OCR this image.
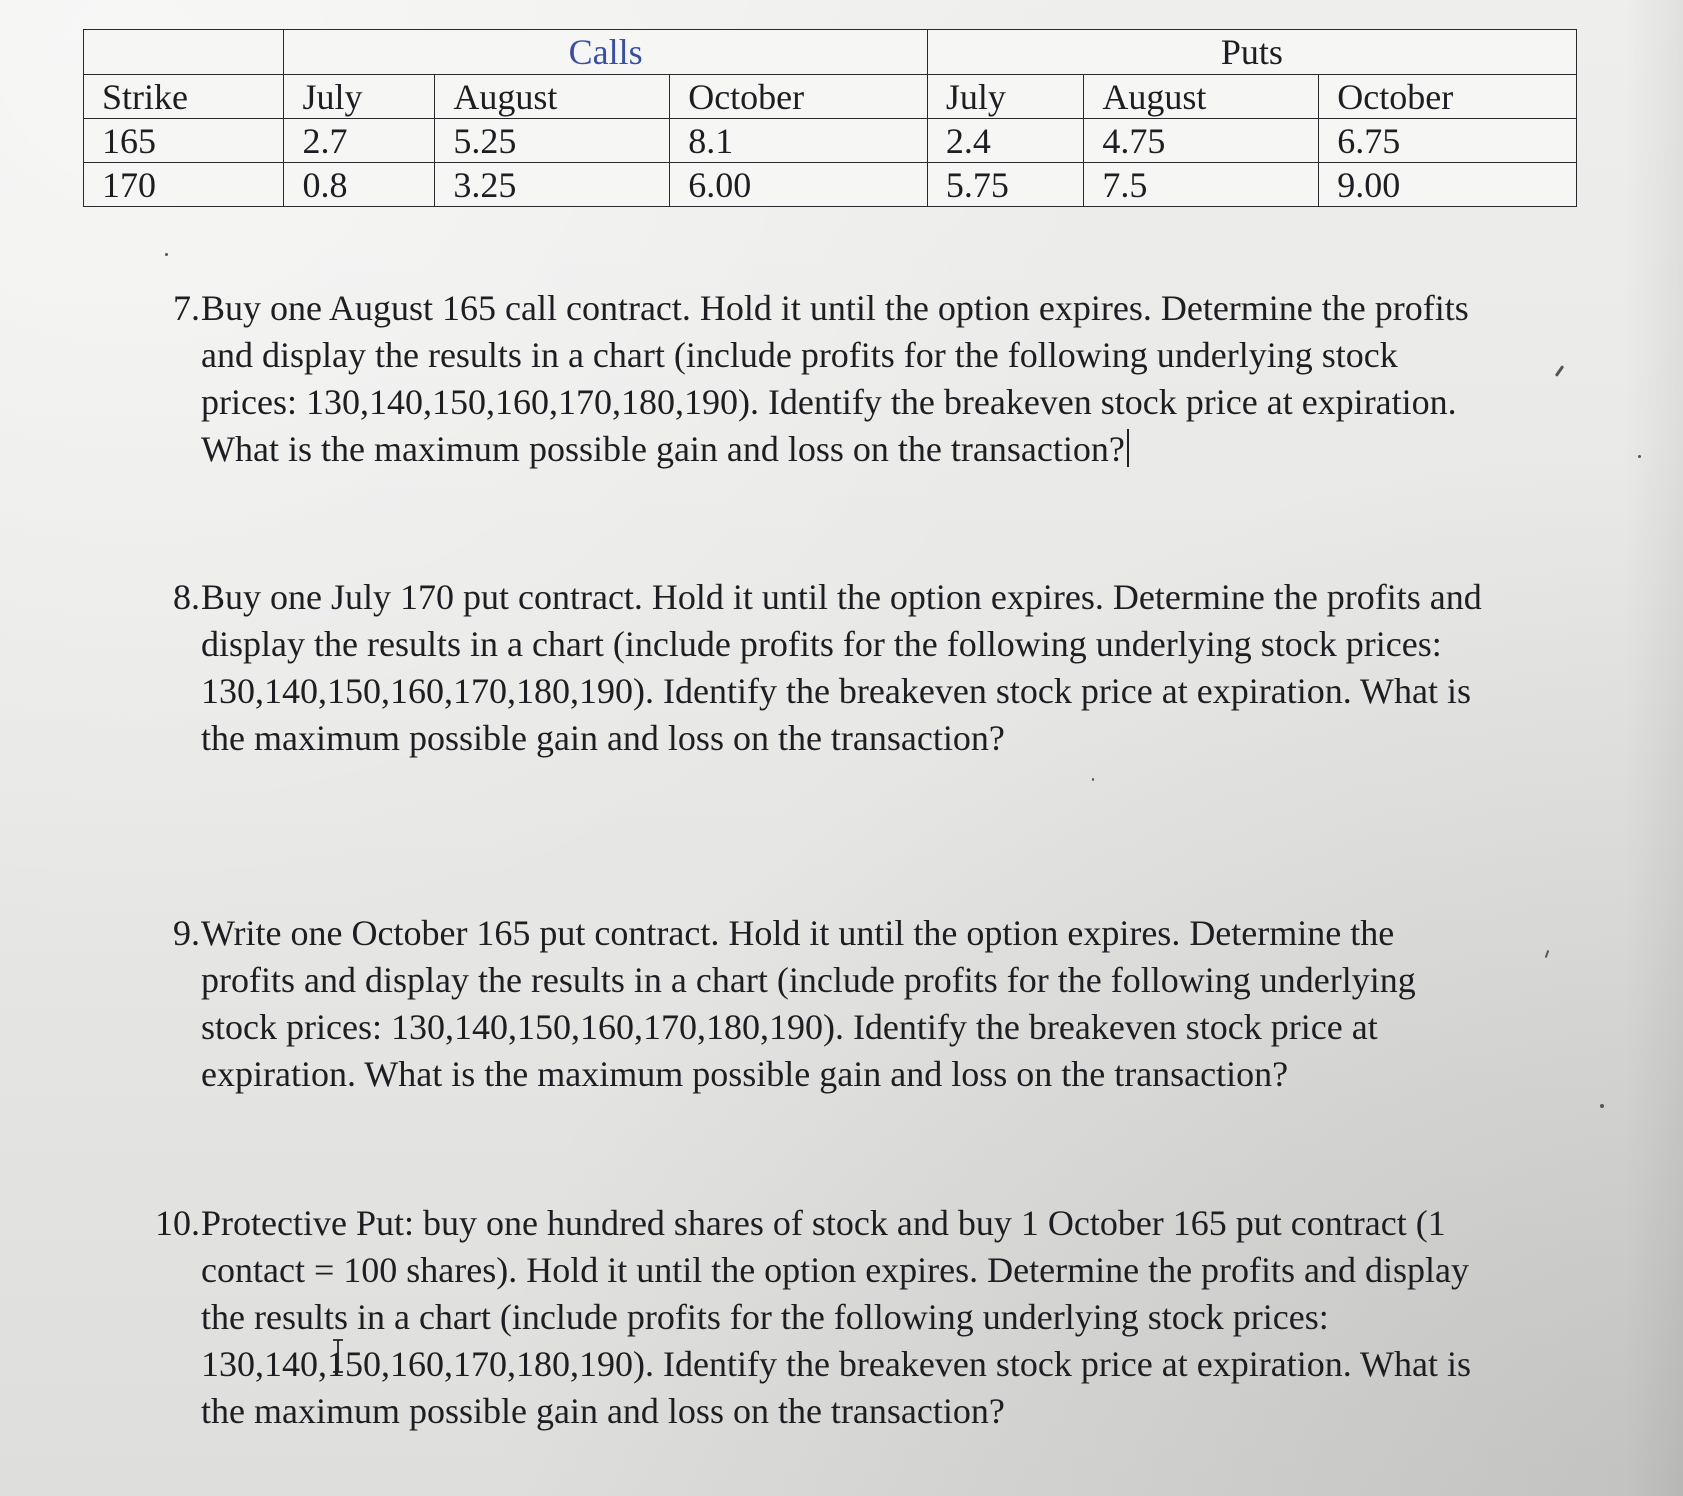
	Calls			Puts		
Strike	July	August	October	July	August	October
165	2.7	5.25	8.1	2.4	4.75	6.75
170	0.8	3.25	6.00	5.75	7.5	9.00
7. Buy one August 165 call contract. Hold it until the option expires. Determine the profits
and display the results in a chart (include profits for the following underlying stock
prices: 130,140,150,160,170,180,190). Identify the breakeven stock price at expiration.
What is the maximum possible gain and loss on the transaction?
8. Buy one July 170 put contract. Hold it until the option expires. Determine the profits and
display the results in a chart (include profits for the following underlying stock prices:
130,140,150,160,170,180,190). Identify the breakeven stock price at expiration. What is
the maximum possible gain and loss on the transaction?
9. Write one October 165 put contract. Hold it until the option expires. Determine the
profits and display the results in a chart (include profits for the following underlying
stock prices: 130,140,150,160,170,180,190). Identify the breakeven stock price at
expiration. What is the maximum possible gain and loss on the transaction?
10. Protective Put: buy one hundred shares of stock and buy 1 October 165 put contract (1
contact = 100 shares). Hold it until the option expires. Determine the profits and display
the results in a chart (include profits for the following underlying stock prices:
130,140,150,160,170,180,190). Identify the breakeven stock price at expiration. What is
the maximum possible gain and loss on the transaction?
